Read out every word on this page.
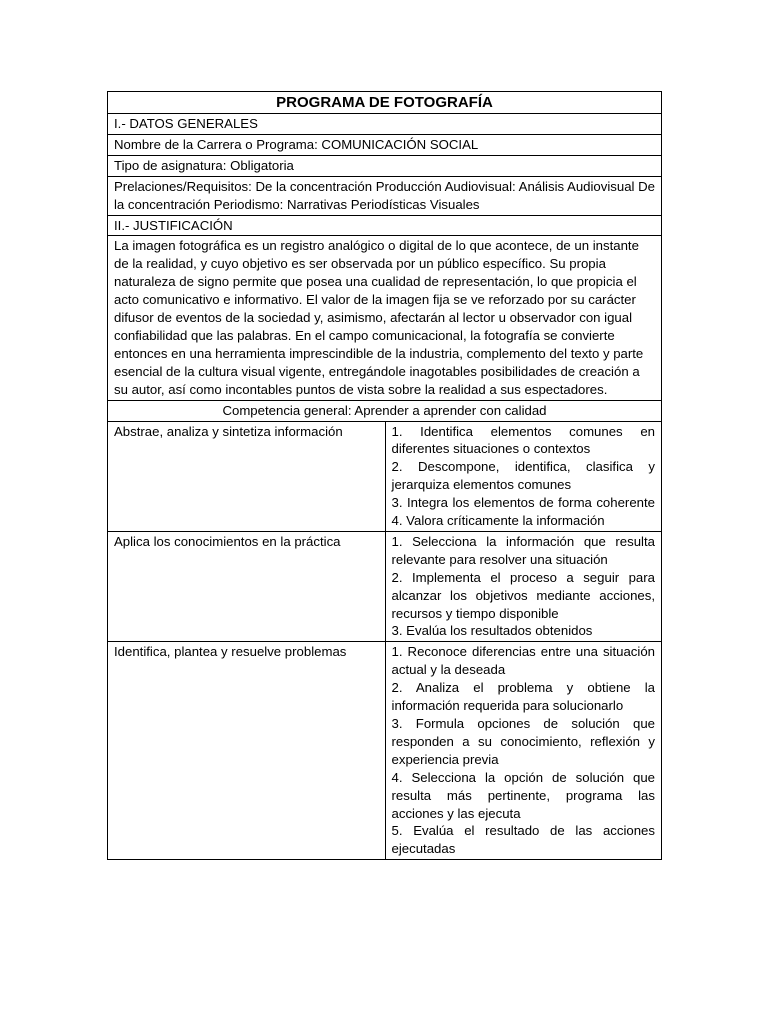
PROGRAMA DE FOTOGRAFÍA	
I.- DATOS GENERALES	
Nombre de la Carrera o Programa: COMUNICACIÓN SOCIAL	
Tipo de asignatura: Obligatoria	
Prelaciones/Requisitos: De la concentración Producción Audiovisual: Análisis Audiovisual De la concentración Periodismo: Narrativas Periodísticas Visuales	
II.- JUSTIFICACIÓN	
La imagen fotográfica es un registro analógico o digital de lo que acontece, de un instante de la realidad, y cuyo objetivo es ser observada por un público específico. Su propia naturaleza de signo permite que posea una cualidad de representación, lo que propicia el acto comunicativo e informativo. El valor de la imagen fija se ve reforzado por su carácter difusor de eventos de la sociedad y, asimismo, afectarán al lector u observador con igual confiabilidad que las palabras. En el campo comunicacional, la fotografía se convierte entonces en una herramienta imprescindible de la industria, complemento del texto y parte esencial de la cultura visual vigente, entregándole inagotables posibilidades de creación a su autor, así como incontables puntos de vista sobre la realidad a sus espectadores.	
Competencia general: Aprender a aprender con calidad	
Abstrae, analiza y sintetiza información	1. Identifica elementos comunes en diferentes situaciones o contextos
2. Descompone, identifica, clasifica y jerarquiza elementos comunes
3. Integra los elementos de forma coherente 4. Valora críticamente la información

Aplica los conocimientos en la práctica	1. Selecciona la información que resulta relevante para resolver una situación
2. Implementa el proceso a seguir para alcanzar los objetivos mediante acciones, recursos y tiempo disponible
3. Evalúa los resultados obtenidos

Identifica, plantea y resuelve problemas	1. Reconoce diferencias entre una situación actual y la deseada
2. Analiza el problema y obtiene la información requerida para solucionarlo
3. Formula opciones de solución que responden a su conocimiento, reflexión y experiencia previa
4. Selecciona la opción de solución que resulta más pertinente, programa las acciones y las ejecuta
5. Evalúa el resultado de las acciones ejecutadas
